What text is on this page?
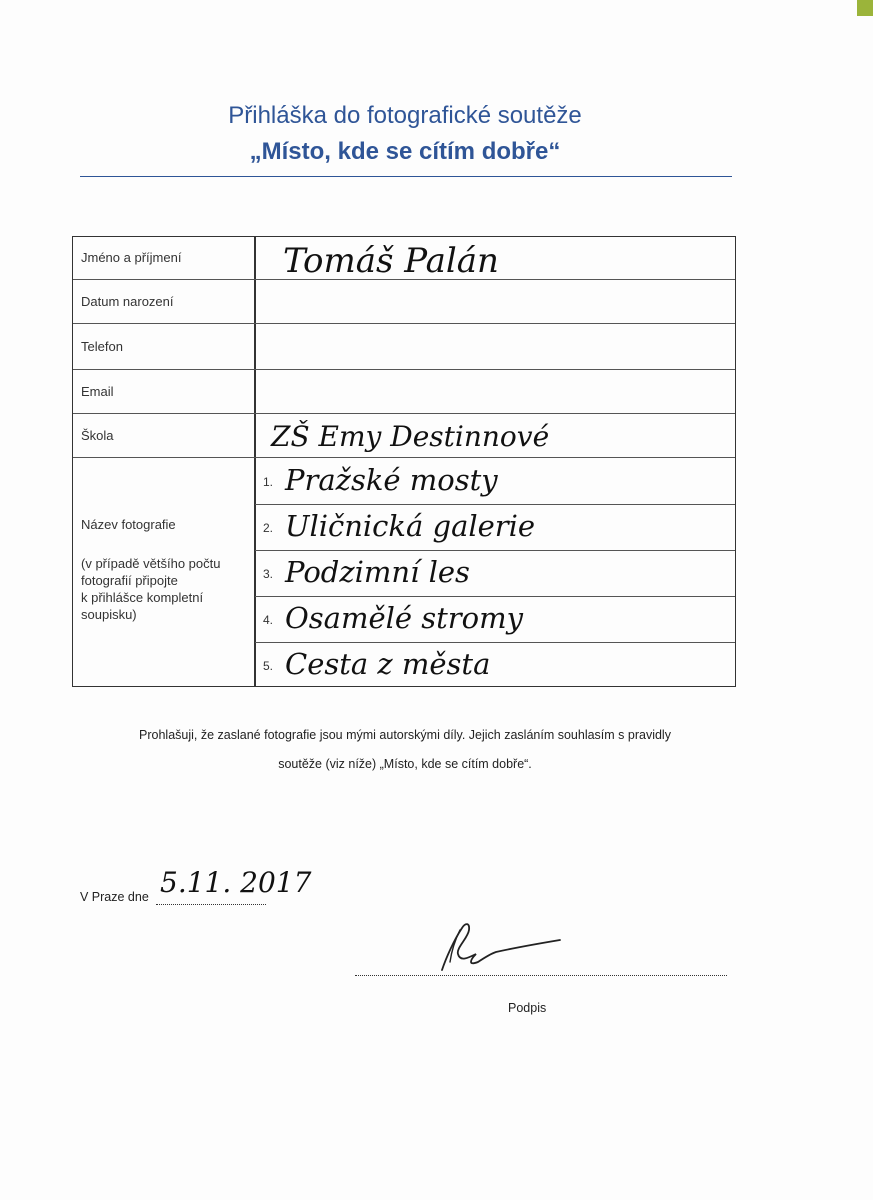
Přihláška do fotografické soutěže
„Místo, kde se cítím dobře“
Jméno a příjmení
Datum narození
Telefon
Email
Škola
Název fotografie
(v případě většího počtu
fotografií připojte
k přihlášce kompletní
soupisku)
Tomáš Palán
ZŠ Emy Destinnové
1. Pražské mosty
2. Uličnická galerie
3. Podzimní les
4. Osamělé stromy
5. Cesta z města
Prohlašuji, že zaslané fotografie jsou mými autorskými díly. Jejich zasláním souhlasím s pravidly
soutěže (viz níže) „Místo, kde se cítím dobře“.
V Praze dne 5.11. 2017
Podpis
